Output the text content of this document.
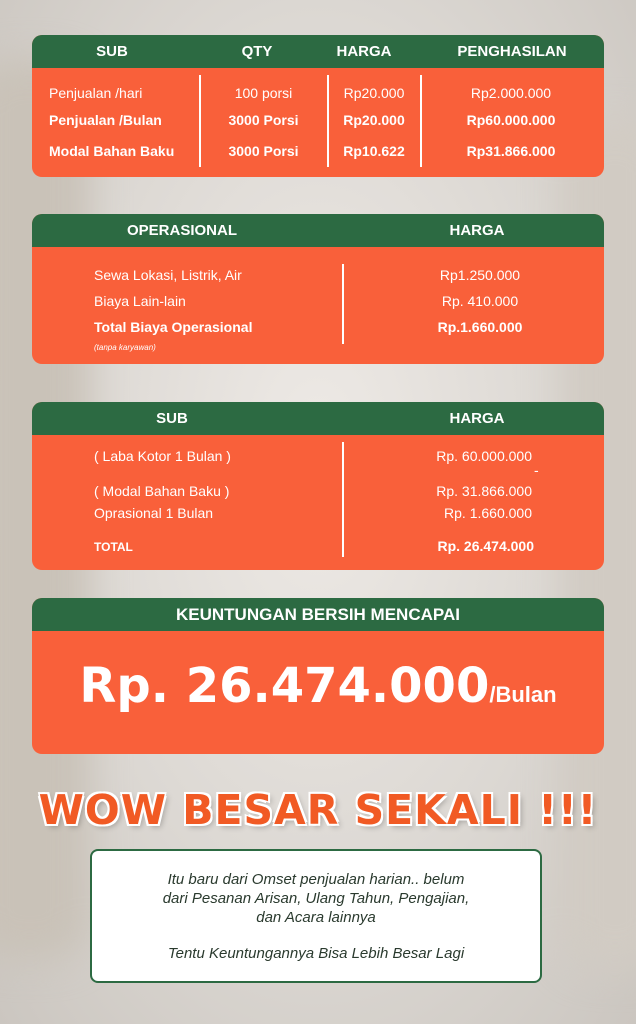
SUB	QTY	HARGA	PENGHASILAN
Penjualan /hari	100 porsi	Rp20.000	Rp2.000.000
Penjualan /Bulan	3000 Porsi	Rp20.000	Rp60.000.000
Modal Bahan Baku	3000 Porsi	Rp10.622	Rp31.866.000
OPERASIONAL	HARGA
Sewa Lokasi, Listrik, Air	Rp1.250.000
Biaya Lain-lain	Rp. 410.000
Total Biaya Operasional	Rp.1.660.000
(tanpa karyawan)
SUB	HARGA
( Laba Kotor 1 Bulan )	Rp. 60.000.000
-
( Modal Bahan Baku )	Rp. 31.866.000
Oprasional 1 Bulan	Rp. 1.660.000
TOTAL	Rp. 26.474.000
KEUNTUNGAN BERSIH MENCAPAI
Rp. 26.474.000/Bulan
WOW BESAR SEKALI !!!

Itu baru dari Omset penjualan harian.. belum

dari Pesanan Arisan, Ulang Tahun, Pengajian,

dan Acara lainnya

Tentu Keuntungannya Bisa Lebih Besar Lagi
